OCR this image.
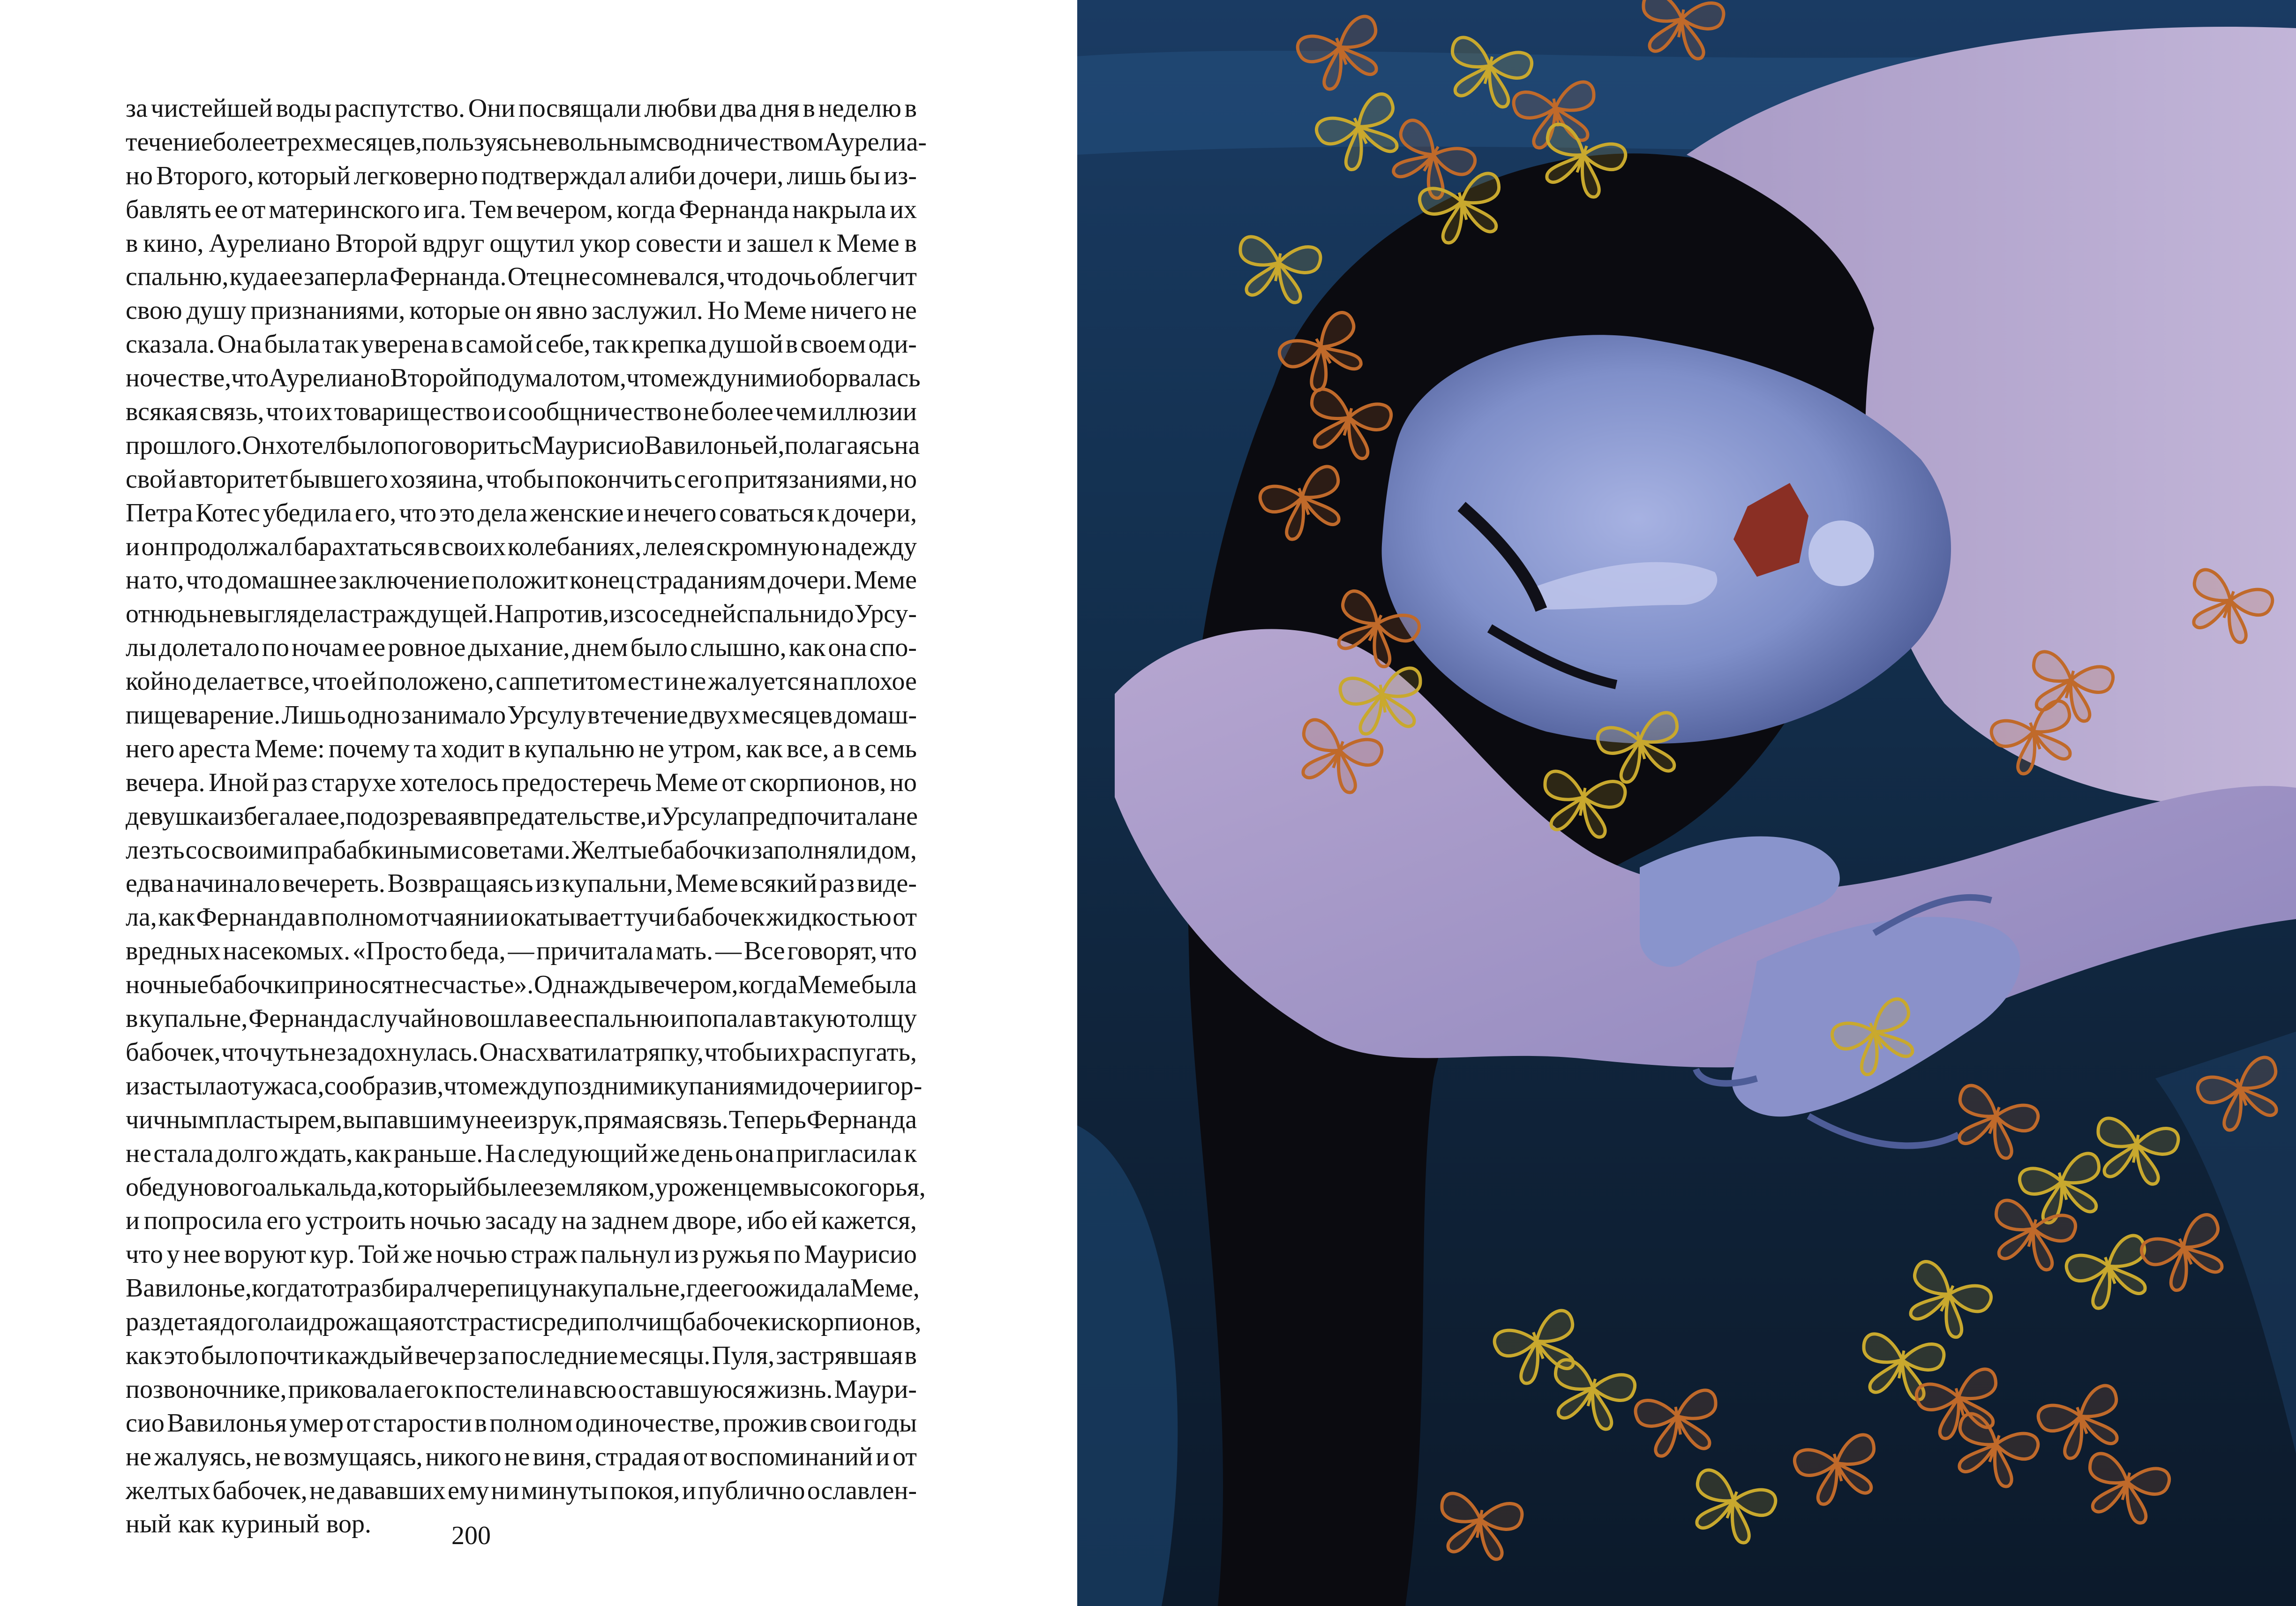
за чистейшей воды распутство. Они посвящали любви два дня в неделю в
течение более трех месяцев, пользуясь невольным сводничеством Аурелиа-
но Второго, который легковерно подтверждал алиби дочери, лишь бы из-
бавлять ее от материнского ига. Тем вечером, когда Фернанда накрыла их
в кино, Аурелиано Второй вдруг ощутил укор совести и зашел к Меме в
спальню, куда ее заперла Фернанда. Отец не сомневался, что дочь облегчит
свою душу признаниями, которые он явно заслужил. Но Меме ничего не
сказала. Она была так уверена в самой себе, так крепка душой в своем оди-
ночестве, что Аурелиано Второй подумал о том, что между ними оборвалась
всякая связь, что их товарищество и сообщничество не более чем иллюзии
прошлого. Он хотел было поговорить с Маурисио Вавилоньей, полагаясь на
свой авторитет бывшего хозяина, чтобы покончить с его притязаниями, но
Петра Котес убедила его, что это дела женские и нечего соваться к дочери,
и он продолжал барахтаться в своих колебаниях, лелея скромную надежду
на то, что домашнее заключение положит конец страданиям дочери. Меме
отнюдь не выглядела страждущей. Напротив, из соседней спальни до Урсу-
лы долетало по ночам ее ровное дыхание, днем было слышно, как она спо-
койно делает все, что ей положено, с аппетитом ест и не жалуется на плохое
пищеварение. Лишь одно занимало Урсулу в течение двух месяцев домаш-
него ареста Меме: почему та ходит в купальню не утром, как все, а в семь
вечера. Иной раз старухе хотелось предостеречь Меме от скорпионов, но
девушка избегала ее, подозревая в предательстве, и Урсула предпочитала не
лезть со своими прабабкиными советами. Желтые бабочки заполняли дом,
едва начинало вечереть. Возвращаясь из купальни, Меме всякий раз виде-
ла, как Фернанда в полном отчаянии окатывает тучи бабочек жидкостью от
вредных насекомых. «Просто беда, — причитала мать. — Все говорят, что
ночные бабочки приносят несчастье». Однажды вечером, когда Меме была
в купальне, Фернанда случайно вошла в ее спальню и попала в такую толщу
бабочек, что чуть не задохнулась. Она схватила тряпку, чтобы их распугать,
и застыла от ужаса, сообразив, что между поздними купаниями дочери и гор-
чичным пластырем, выпавшим у нее из рук, прямая связь. Теперь Фернанда
не стала долго ждать, как раньше. На следующий же день она пригласила к
обеду нового алькальда, который был ее земляком, уроженцем высокогорья,
и попросила его устроить ночью засаду на заднем дворе, ибо ей кажется,
что у нее воруют кур. Той же ночью страж пальнул из ружья по Маурисио
Вавилонье, когда тот разбирал черепицу на купальне, где его ожидала Меме,
раздетая догола и дрожащая от страсти среди полчищ бабочек и скорпионов,
как это было почти каждый вечер за последние месяцы. Пуля, застрявшая в
позвоночнике, приковала его к постели на всю оставшуюся жизнь. Маури-
сио Вавилонья умер от старости в полном одиночестве, прожив свои годы
не жалуясь, не возмущаясь, никого не виня, страдая от воспоминаний и от
желтых бабочек, не дававших ему ни минуты покоя, и публично ославлен-
ный как куриный вор.	200
